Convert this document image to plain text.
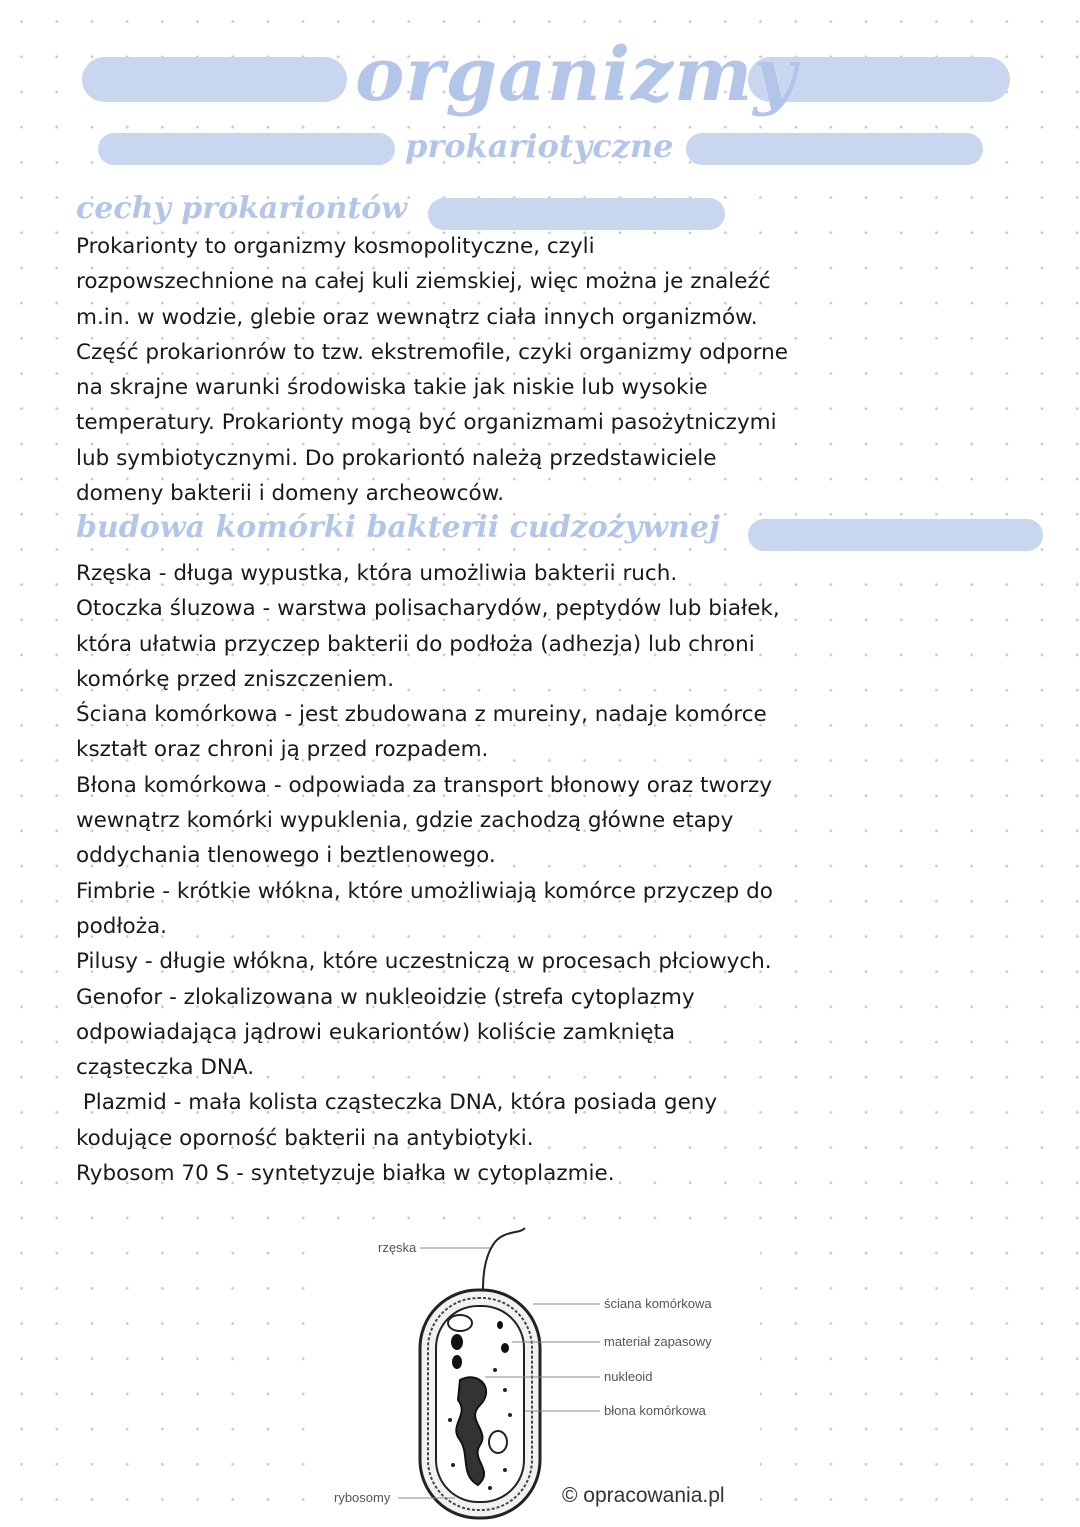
organizmy
prokariotyczne
cechy prokariontów
Prokarionty to organizmy kosmopolityczne, czyli
rozpowszechnione na całej kuli ziemskiej, więc można je znaleźć
m.in. w wodzie, glebie oraz wewnątrz ciała innych organizmów.
Część prokarionrów to tzw. ekstremofile, czyki organizmy odporne
na skrajne warunki środowiska takie jak niskie lub wysokie
temperatury. Prokarionty mogą być organizmami pasożytniczymi
lub symbiotycznymi. Do prokariontó należą przedstawiciele
domeny bakterii i domeny archeowców.
budowa komórki bakterii cudzożywnej
Rzęska - długa wypustka, która umożliwia bakterii ruch.
Otoczka śluzowa - warstwa polisacharydów, peptydów lub białek,
która ułatwia przyczep bakterii do podłoża (adhezja) lub chroni
komórkę przed zniszczeniem.
Ściana komórkowa - jest zbudowana z mureiny, nadaje komórce
kształt oraz chroni ją przed rozpadem.
Błona komórkowa - odpowiada za transport błonowy oraz tworzy
wewnątrz komórki wypuklenia, gdzie zachodzą główne etapy
oddychania tlenowego i beztlenowego.
Fimbrie - krótkie włókna, które umożliwiają komórce przyczep do
podłoża.
Pilusy - długie włókna, które uczestniczą w procesach płciowych.
Genofor - zlokalizowana w nukleoidzie (strefa cytoplazmy
odpowiadająca jądrowi eukariontów) koliście zamknięta
cząsteczka DNA.
Plazmid - mała kolista cząsteczka DNA, która posiada geny
kodujące oporność bakterii na antybiotyki.
Rybosom 70 S - syntetyzuje białka w cytoplazmie.
rzęska
ściana komórkowa
materiał zapasowy
nukleoid
błona komórkowa
rybosomy	© opracowania.pl
